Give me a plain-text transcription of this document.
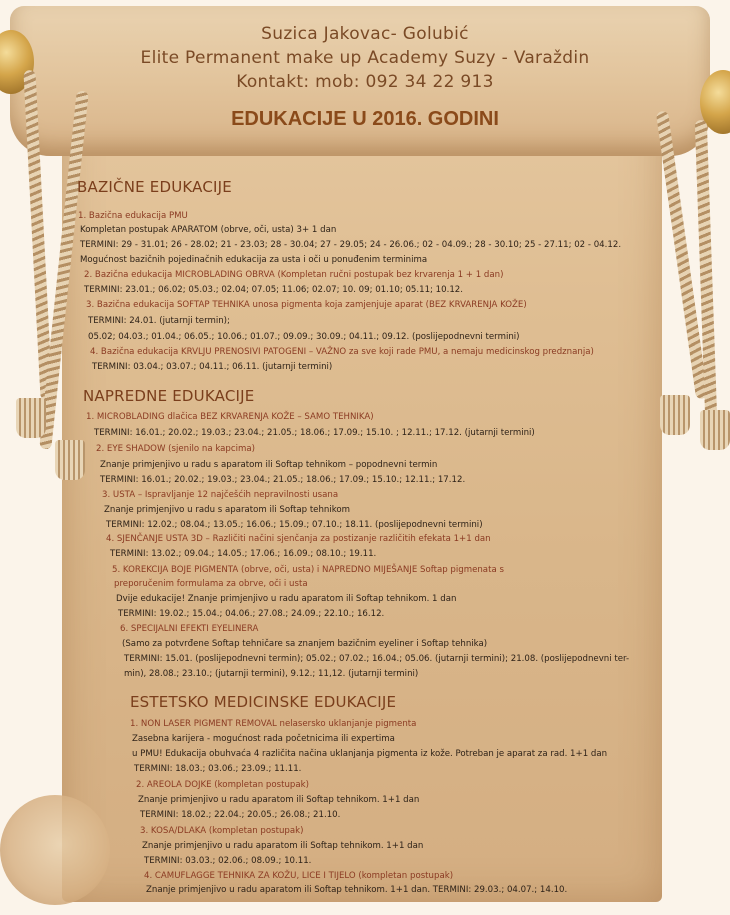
Suzica Jakovac- Golubić
Elite Permanent make up Academy Suzy - Varaždin
Kontakt: mob: 092 34 22 913
EDUKACIJE U 2016. GODINI
BAZIČNE EDUKACIJE
1. Bazična edukacija PMU
Kompletan postupak APARATOM (obrve, oči, usta) 3+ 1 dan
TERMINI: 29 - 31.01; 26 - 28.02; 21 - 23.03; 28 - 30.04; 27 - 29.05; 24 - 26.06.; 02 - 04.09.; 28 - 30.10; 25 - 27.11; 02 - 04.12.
Mogućnost bazičnih pojedinačnih edukacija za usta i oči u ponuđenim terminima
2. Bazična edukacija MICROBLADING OBRVA (Kompletan ručni postupak bez krvarenja 1 + 1 dan)
TERMINI: 23.01.; 06.02; 05.03.; 02.04; 07.05; 11.06; 02.07; 10. 09; 01.10; 05.11; 10.12.
3. Bazična edukacija SOFTAP TEHNIKA unosa pigmenta koja zamjenjuje aparat (BEZ KRVARENJA KOŽE)
TERMINI: 24.01. (jutarnji termin);
05.02; 04.03.; 01.04.; 06.05.; 10.06.; 01.07.; 09.09.; 30.09.; 04.11.; 09.12. (poslijepodnevni termini)
4. Bazična edukacija KRVLJU PRENOSIVI PATOGENI – VAŽNO za sve koji rade PMU, a nemaju medicinskog predznanja)
TERMINI: 03.04.; 03.07.; 04.11.; 06.11. (jutarnji termini)
NAPREDNE EDUKACIJE
1. MICROBLADING dlačica BEZ KRVARENJA KOŽE – SAMO TEHNIKA)
TERMINI: 16.01.; 20.02.; 19.03.; 23.04.; 21.05.; 18.06.; 17.09.; 15.10. ; 12.11.; 17.12. (jutarnji termini)
2. EYE SHADOW (sjenilo na kapcima)
Znanje primjenjivo u radu s aparatom ili Softap tehnikom – popodnevni termin
TERMINI: 16.01.; 20.02.; 19.03.; 23.04.; 21.05.; 18.06.; 17.09.; 15.10.; 12.11.; 17.12.
3. USTA – Ispravljanje 12 najčešćih nepravilnosti usana
Znanje primjenjivo u radu s aparatom ili Softap tehnikom
TERMINI: 12.02.; 08.04.; 13.05.; 16.06.; 15.09.; 07.10.; 18.11. (poslijepodnevni termini)
4. SJENČANJE USTA 3D – Različiti načini sjenčanja za postizanje različitih efekata 1+1 dan
TERMINI: 13.02.; 09.04.; 14.05.; 17.06.; 16.09.; 08.10.; 19.11.
5. KOREKCIJA BOJE PIGMENTA (obrve, oči, usta) i NAPREDNO MIJEŠANJE Softap pigmenata s
preporučenim formulama za obrve, oči i usta
Dvije edukacije! Znanje primjenjivo u radu aparatom ili Softap tehnikom. 1 dan
TERMINI: 19.02.; 15.04.; 04.06.; 27.08.; 24.09.; 22.10.; 16.12.
6. SPECIJALNI EFEKTI EYELINERA
(Samo za potvrđene Softap tehničare sa znanjem bazičnim eyeliner i Softap tehnika)
TERMINI: 15.01. (poslijepodnevni termin); 05.02.; 07.02.; 16.04.; 05.06. (jutarnji termini); 21.08. (poslijepodnevni ter-
min), 28.08.; 23.10.; (jutarnji termini), 9.12.; 11,12. (jutarnji termini)
ESTETSKO MEDICINSKE EDUKACIJE
1. NON LASER PIGMENT REMOVAL nelasersko uklanjanje pigmenta
Zasebna karijera - mogućnost rada početnicima ili expertima
u PMU! Edukacija obuhvaća 4 različita načina uklanjanja pigmenta iz kože. Potreban je aparat za rad. 1+1 dan
TERMINI: 18.03.; 03.06.; 23.09.; 11.11.
2. AREOLA DOJKE (kompletan postupak)
Znanje primjenjivo u radu aparatom ili Softap tehnikom. 1+1 dan
TERMINI: 18.02.; 22.04.; 20.05.; 26.08.; 21.10.
3. KOSA/DLAKA (kompletan postupak)
Znanje primjenjivo u radu aparatom ili Softap tehnikom. 1+1 dan
TERMINI: 03.03.; 02.06.; 08.09.; 10.11.
4. CAMUFLAGGE TEHNIKA ZA KOŽU, LICE I TIJELO (kompletan postupak)
Znanje primjenjivo u radu aparatom ili Softap tehnikom. 1+1 dan. TERMINI: 29.03.; 04.07.; 14.10.
